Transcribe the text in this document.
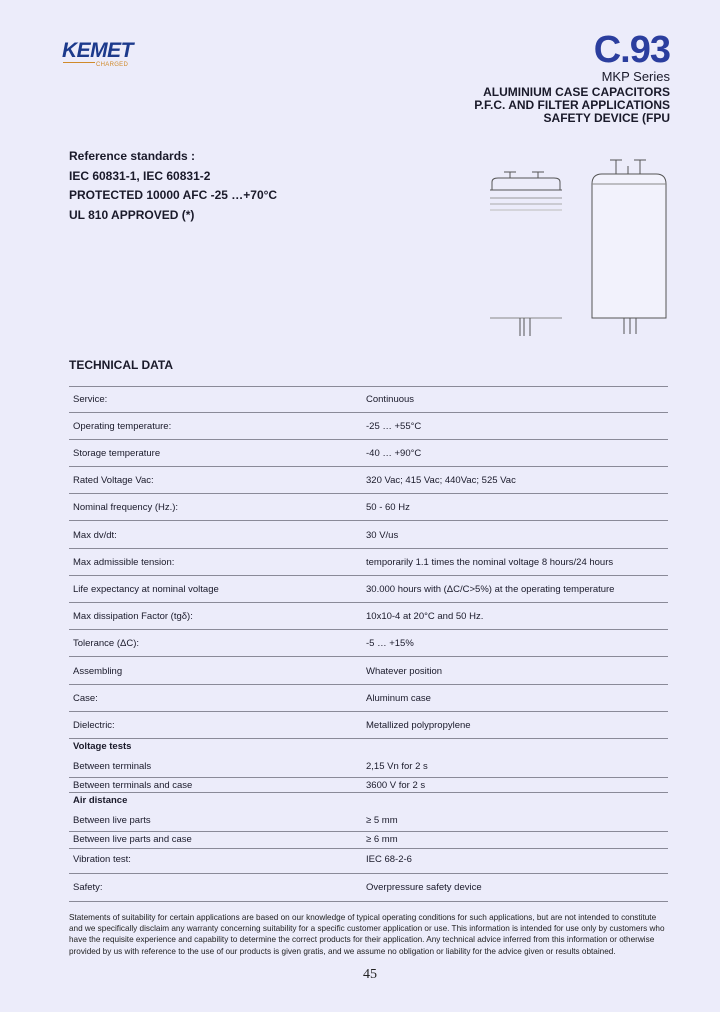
KEMET
CHARGED	C.93
MKP Series
ALUMINIUM CASE CAPACITORS
P.F.C. AND FILTER APPLICATIONS
SAFETY DEVICE (FPU
Reference standards :
IEC 60831-1, IEC 60831-2
PROTECTED 10000 AFC -25 …+70°C
UL 810 APPROVED (*)
TECHNICAL DATA
Service:	Continuous
Operating temperature:	-25 … +55°C
Storage temperature	-40 … +90°C
Rated Voltage Vac:	320 Vac; 415 Vac; 440Vac; 525 Vac
Nominal frequency (Hz.):	50 - 60 Hz
Max dv/dt:	30 V/us
Max admissible tension:	temporarily 1.1 times the nominal voltage 8 hours/24 hours
Life expectancy at nominal voltage	30.000 hours with (ΔC/C>5%) at the operating temperature
Max dissipation Factor (tgδ):	10x10-4 at 20°C and 50 Hz.
Tolerance (ΔC):	-5 … +15%
Assembling	Whatever position
Case:	Aluminum case
Dielectric:	Metallized polypropylene
Voltage tests
Between terminals	2,15 Vn for 2 s
Between terminals and case	3600 V for 2 s
Air distance
Between live parts	≥ 5 mm
Between live parts and case	≥ 6 mm
Vibration test:	IEC 68-2-6
Safety:	Overpressure safety device
Statements of suitability for certain applications are based on our knowledge of typical operating conditions for such applications, but are not intended to constitute
and we specifically disclaim any warranty concerning suitability for a specific customer application or use. This information is intended for use only by customers who
have the requisite experience and capability to determine the correct products for their application. Any technical advice inferred from this information or otherwise
provided by us with reference to the use of our products is given gratis, and we assume no obligation or liability for the advice given or results obtained.
45
